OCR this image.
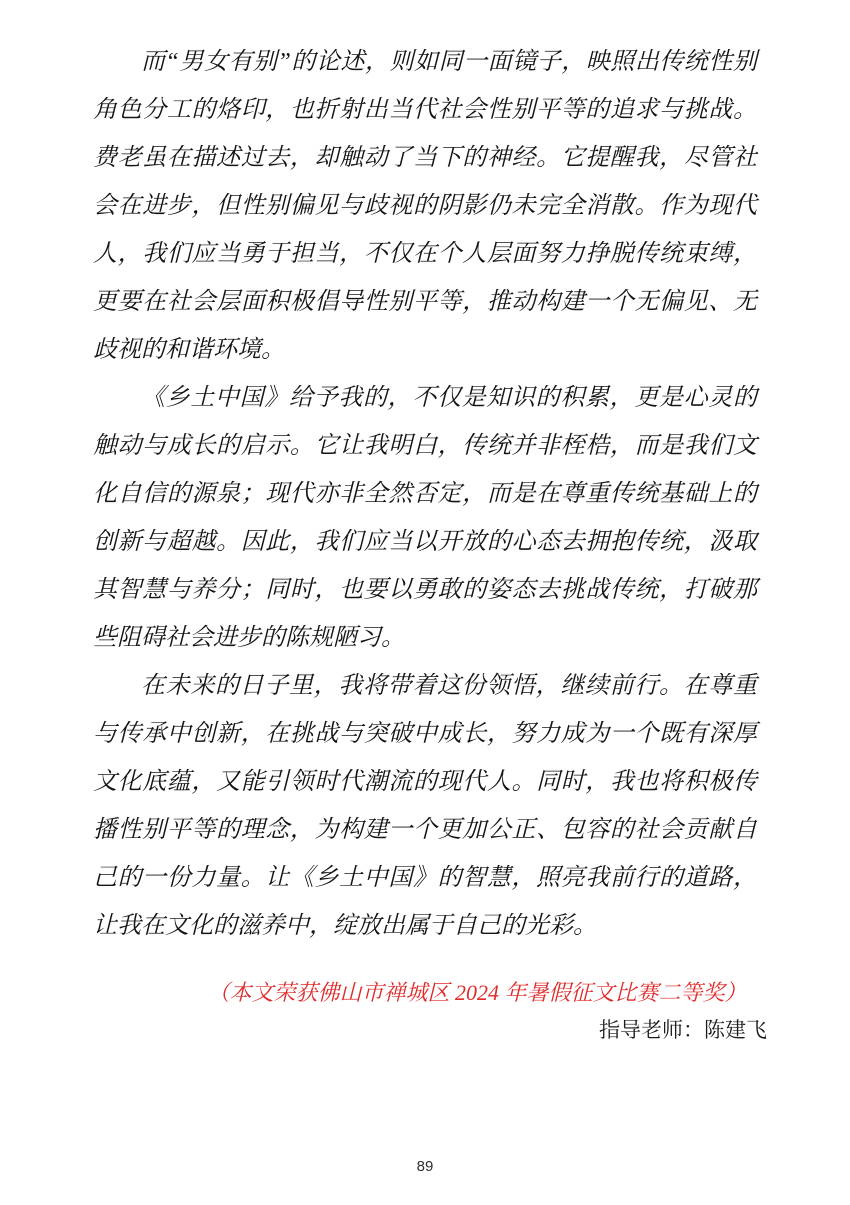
而“男女有别”的论述，则如同一面镜子，映照出传统性别角色分工的烙印，也折射出当代社会性别平等的追求与挑战。费老虽在描述过去，却触动了当下的神经。它提醒我，尽管社会在进步，但性别偏见与歧视的阴影仍未完全消散。作为现代人，我们应当勇于担当，不仅在个人层面努力挣脱传统束缚，更要在社会层面积极倡导性别平等，推动构建一个无偏见、无歧视的和谐环境。

《乡土中国》给予我的，不仅是知识的积累，更是心灵的触动与成长的启示。它让我明白，传统并非桎梏，而是我们文化自信的源泉；现代亦非全然否定，而是在尊重传统基础上的创新与超越。因此，我们应当以开放的心态去拥抱传统，汲取其智慧与养分；同时，也要以勇敢的姿态去挑战传统，打破那些阻碍社会进步的陈规陋习。

在未来的日子里，我将带着这份领悟，继续前行。在尊重与传承中创新，在挑战与突破中成长，努力成为一个既有深厚文化底蕴，又能引领时代潮流的现代人。同时，我也将积极传播性别平等的理念，为构建一个更加公正、包容的社会贡献自己的一份力量。让《乡土中国》的智慧，照亮我前行的道路，让我在文化的滋养中，绽放出属于自己的光彩。

（本文荣获佛山市禅城区 2024 年暑假征文比赛二等奖）

指导老师：陈建飞

89
